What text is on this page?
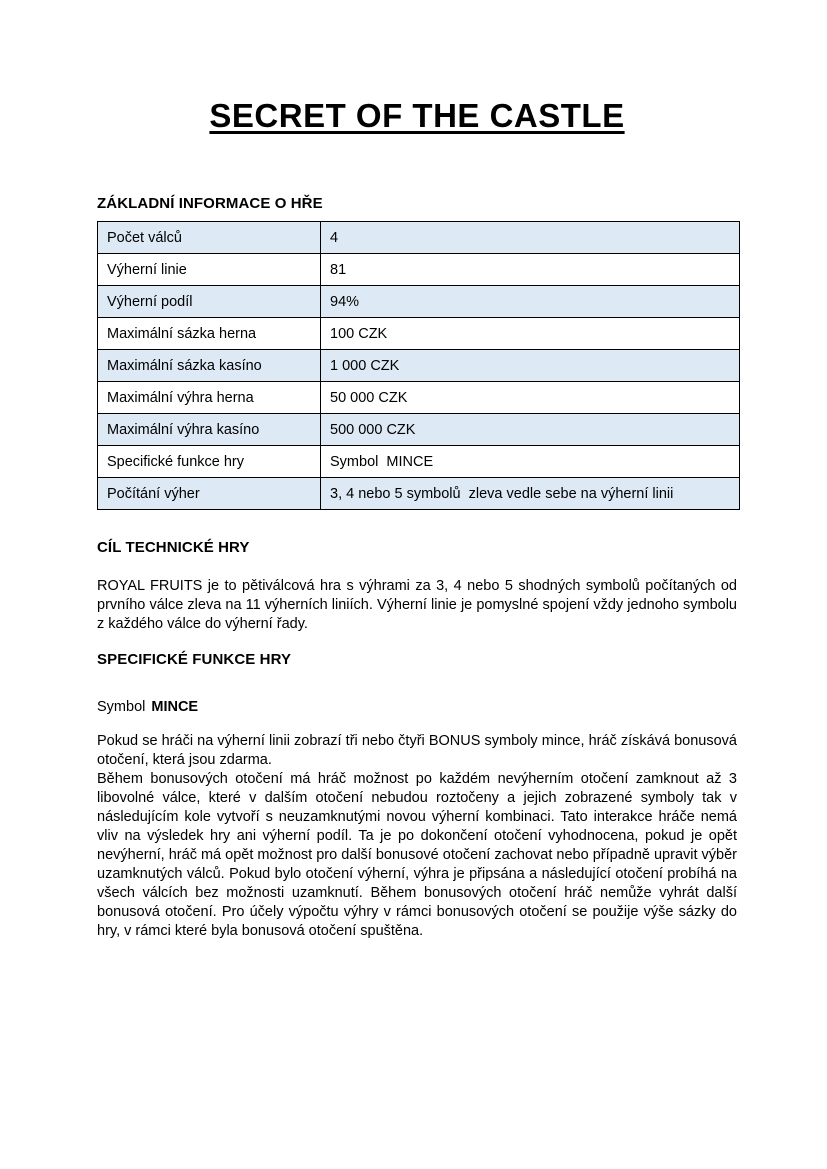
SECRET OF THE CASTLE
ZÁKLADNÍ INFORMACE O HŘE
Počet válců	4
Výherní linie	81
Výherní podíl	94%
Maximální sázka herna	100 CZK
Maximální sázka kasíno	1 000 CZK
Maximální výhra herna	50 000 CZK
Maximální výhra kasíno	500 000 CZK
Specifické funkce hry	Symbol  MINCE
Počítání výher	3, 4 nebo 5 symbolů  zleva vedle sebe na výherní linii
CÍL TECHNICKÉ HRY

ROYAL FRUITS je to pětiválcová hra s výhrami za 3, 4 nebo 5 shodných symbolů počítaných od prvního válce zleva na 11 výherních liniích. Výherní linie je pomyslné spojení vždy jednoho symbolu z každého válce do výherní řady.

SPECIFICKÉ FUNKCE HRY

Symbol MINCE

Pokud se hráči na výherní linii zobrazí tři nebo čtyři BONUS symboly mince, hráč získává bonusová otočení, která jsou zdarma.

Během bonusových otočení má hráč možnost po každém nevýherním otočení zamknout až 3 libovolné válce, které v dalším otočení nebudou roztočeny a jejich zobrazené symboly tak v následujícím kole vytvoří s neuzamknutými novou výherní kombinaci. Tato interakce hráče nemá vliv na výsledek hry ani výherní podíl. Ta je po dokončení otočení vyhodnocena, pokud je opět nevýherní, hráč má opět možnost pro další bonusové otočení zachovat nebo případně upravit výběr uzamknutých válců. Pokud bylo otočení výherní, výhra je připsána a následující otočení probíhá na všech válcích bez možnosti uzamknutí. Během bonusových otočení hráč nemůže vyhrát další bonusová otočení. Pro účely výpočtu výhry v rámci bonusových otočení se použije výše sázky do hry, v rámci které byla bonusová otočení spuštěna.
